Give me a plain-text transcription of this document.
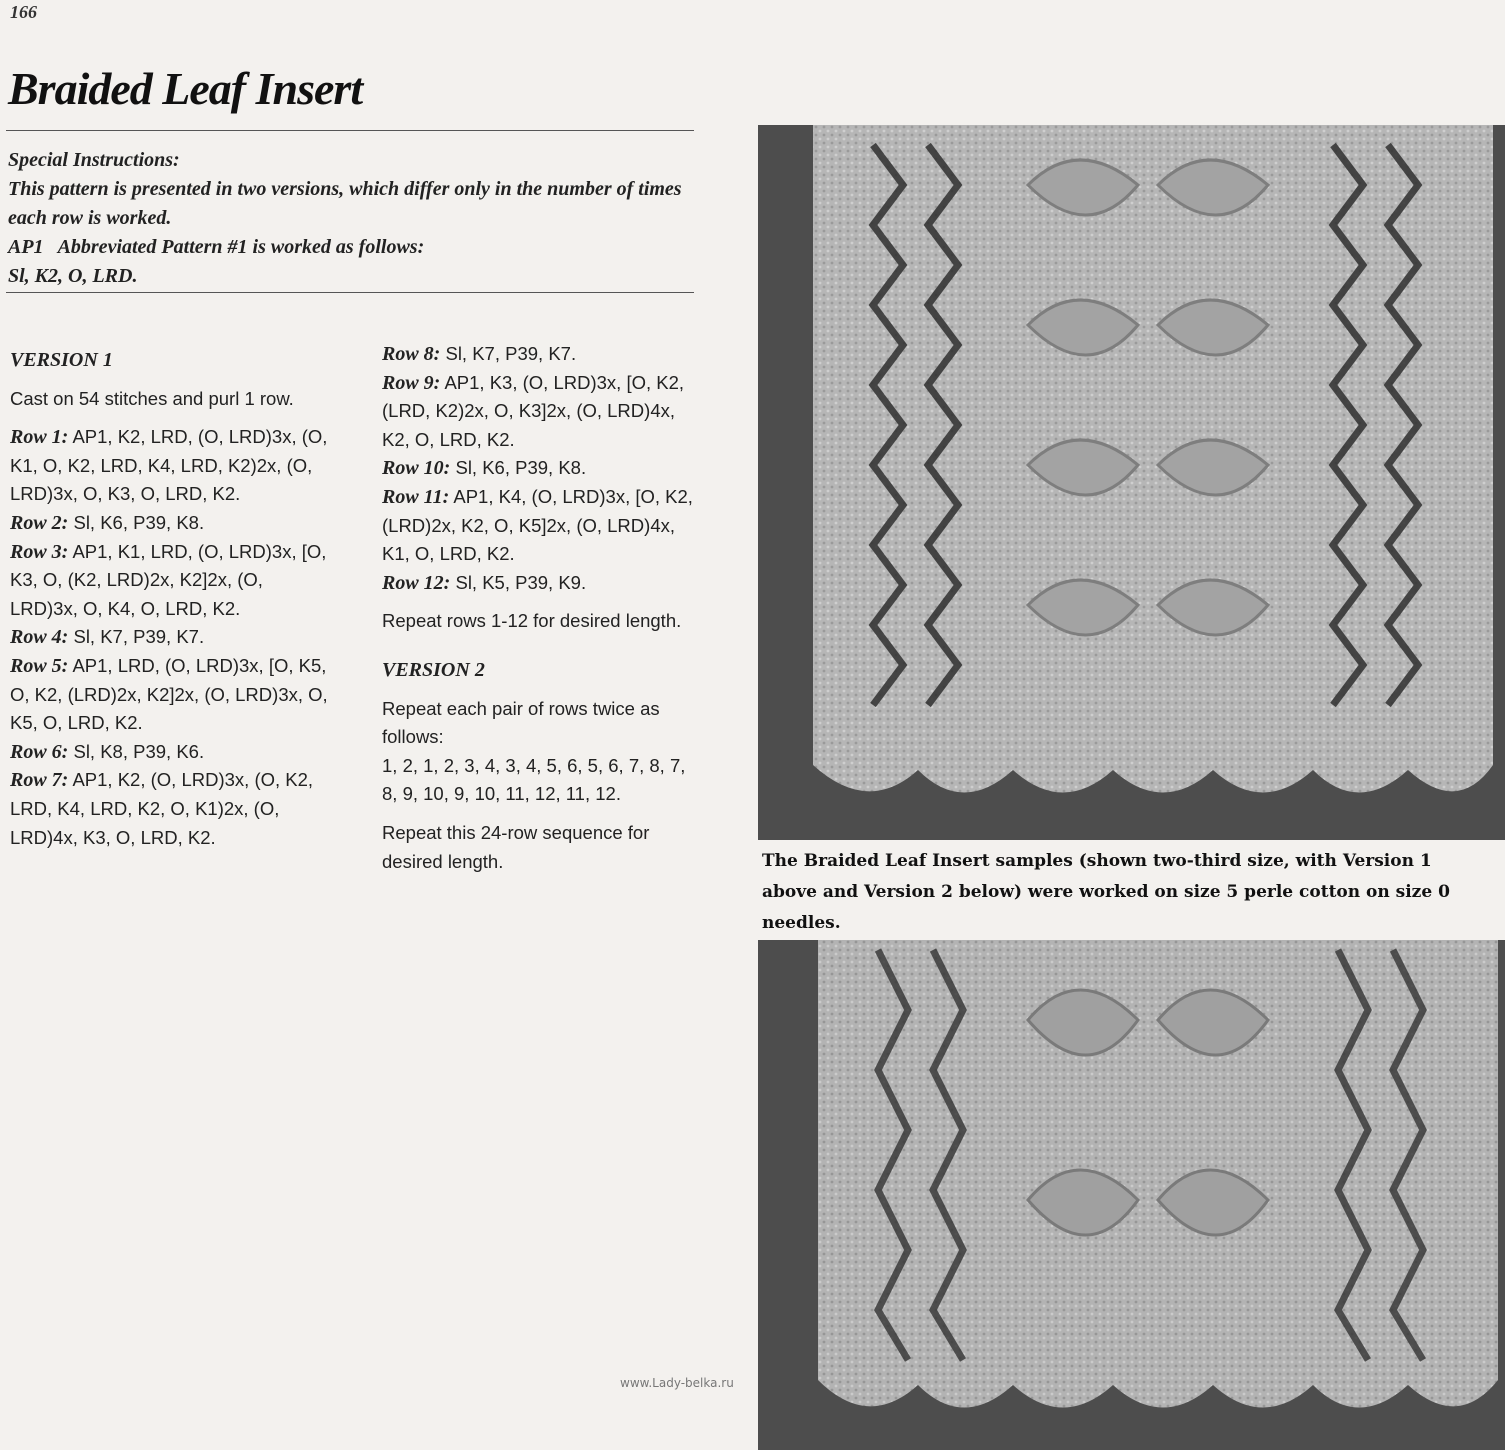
166
Braided Leaf Insert
Special Instructions:
This pattern is presented in two versions, which differ only in the number of times each row is worked.
AP1 Abbreviated Pattern #1 is worked as follows:
Sl, K2, O, LRD.
VERSION 1

Cast on 54 stitches and purl 1 row.

Row 1: AP1, K2, LRD, (O, LRD)3x, (O, K1, O, K2, LRD, K4, LRD, K2)2x, (O, LRD)3x, O, K3, O, LRD, K2.

Row 2: Sl, K6, P39, K8.

Row 3: AP1, K1, LRD, (O, LRD)3x, [O, K3, O, (K2, LRD)2x, K2]2x, (O, LRD)3x, O, K4, O, LRD, K2.

Row 4: Sl, K7, P39, K7.

Row 5: AP1, LRD, (O, LRD)3x, [O, K5, O, K2, (LRD)2x, K2]2x, (O, LRD)3x, O, K5, O, LRD, K2.

Row 6: Sl, K8, P39, K6.

Row 7: AP1, K2, (O, LRD)3x, (O, K2, LRD, K4, LRD, K2, O, K1)2x, (O, LRD)4x, K3, O, LRD, K2.

Row 8: Sl, K7, P39, K7.

Row 9: AP1, K3, (O, LRD)3x, [O, K2, (LRD, K2)2x, O, K3]2x, (O, LRD)4x, K2, O, LRD, K2.

Row 10: Sl, K6, P39, K8.

Row 11: AP1, K4, (O, LRD)3x, [O, K2, (LRD)2x, K2, O, K5]2x, (O, LRD)4x, K1, O, LRD, K2.

Row 12: Sl, K5, P39, K9.

Repeat rows 1-12 for desired length.

VERSION 2

Repeat each pair of rows twice as follows:

1, 2, 1, 2, 3, 4, 3, 4, 5, 6, 5, 6, 7, 8, 7, 8, 9, 10, 9, 10, 11, 12, 11, 12.

Repeat this 24-row sequence for desired length.	The Braided Leaf Insert samples (shown two-third size, with Version 1 above and Version 2 below) were worked on size 5 perle cotton on size 0 needles.
www.Lady-belka.ru
